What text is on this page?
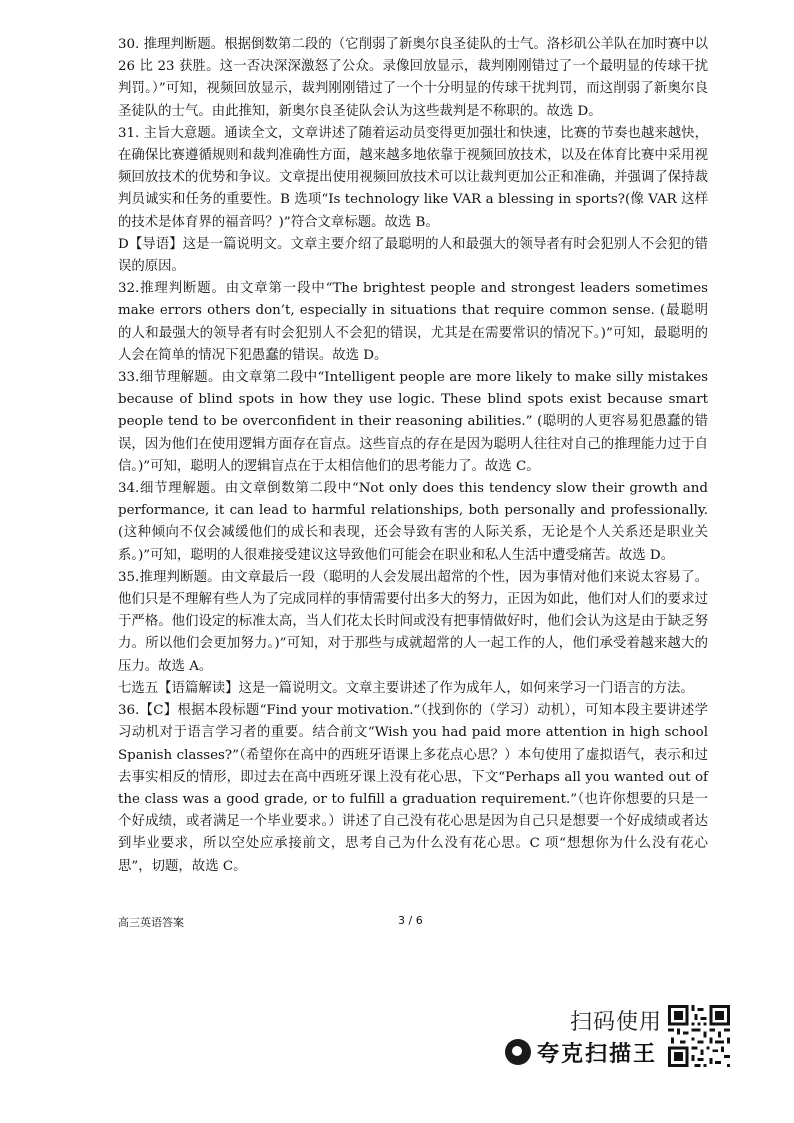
30. 推理判断题。根据倒数第二段的（它削弱了新奥尔良圣徒队的士气。洛杉矶公羊队在加时赛中以 26 比 23 获胜。这一否决深深激怒了公众。录像回放显示，裁判刚刚错过了一个最明显的传球干扰判罚。）”可知，视频回放显示，裁判刚刚错过了一个十分明显的传球干扰判罚，而这削弱了新奥尔良圣徒队的士气。由此推知，新奥尔良圣徒队会认为这些裁判是不称职的。故选 D。

31. 主旨大意题。通读全文，文章讲述了随着运动员变得更加强壮和快速，比赛的节奏也越来越快，在确保比赛遵循规则和裁判准确性方面，越来越多地依靠于视频回放技术，以及在体育比赛中采用视频回放技术的优势和争议。文章提出使用视频回放技术可以让裁判更加公正和准确，并强调了保持裁判员诚实和任务的重要性。B 选项“Is technology like VAR a blessing in sports?(像 VAR 这样的技术是体育界的福音吗？)”符合文章标题。故选 B。

D【导语】这是一篇说明文。文章主要介绍了最聪明的人和最强大的领导者有时会犯别人不会犯的错误的原因。

32.推理判断题。由文章第一段中“The brightest people and strongest leaders sometimes make errors others don’t, especially in situations that require common sense. (最聪明的人和最强大的领导者有时会犯别人不会犯的错误，尤其是在需要常识的情况下。)”可知，最聪明的人会在简单的情况下犯愚蠢的错误。故选 D。

33.细节理解题。由文章第二段中“Intelligent people are more likely to make silly mistakes because of blind spots in how they use logic. These blind spots exist because smart people tend to be overconfident in their reasoning abilities.” (聪明的人更容易犯愚蠢的错误，因为他们在使用逻辑方面存在盲点。这些盲点的存在是因为聪明人往往对自己的推理能力过于自信。)”可知，聪明人的逻辑盲点在于太相信他们的思考能力了。故选 C。

34.细节理解题。由文章倒数第二段中“Not only does this tendency slow their growth and performance, it can lead to harmful relationships, both personally and professionally. (这种倾向不仅会减缓他们的成长和表现，还会导致有害的人际关系，无论是个人关系还是职业关系。)”可知，聪明的人很难接受建议这导致他们可能会在职业和私人生活中遭受痛苦。故选 D。

35.推理判断题。由文章最后一段（聪明的人会发展出超常的个性，因为事情对他们来说太容易了。他们只是不理解有些人为了完成同样的事情需要付出多大的努力，正因为如此，他们对人们的要求过于严格。他们设定的标准太高，当人们花太长时间或没有把事情做好时，他们会认为这是由于缺乏努力。所以他们会更加努力。)”可知，对于那些与成就超常的人一起工作的人，他们承受着越来越大的压力。故选 A。

七选五【语篇解读】这是一篇说明文。文章主要讲述了作为成年人，如何来学习一门语言的方法。

36.【C】根据本段标题“Find your motivation.”（找到你的（学习）动机），可知本段主要讲述学习动机对于语言学习者的重要。结合前文“Wish you had paid more attention in high school Spanish classes?”（希望你在高中的西班牙语课上多花点心思？）本句使用了虚拟语气，表示和过去事实相反的情形，即过去在高中西班牙课上没有花心思，下文“Perhaps all you wanted out of the class was a good grade, or to fulfill a graduation requirement.”（也许你想要的只是一个好成绩，或者满足一个毕业要求。）讲述了自己没有花心思是因为自己只是想要一个好成绩或者达到毕业要求，所以空处应承接前文，思考自己为什么没有花心思。C 项“想想你为什么没有花心思”，切题，故选 C。

高三英语答案	3 / 6
扫码使用
夸克扫描王
